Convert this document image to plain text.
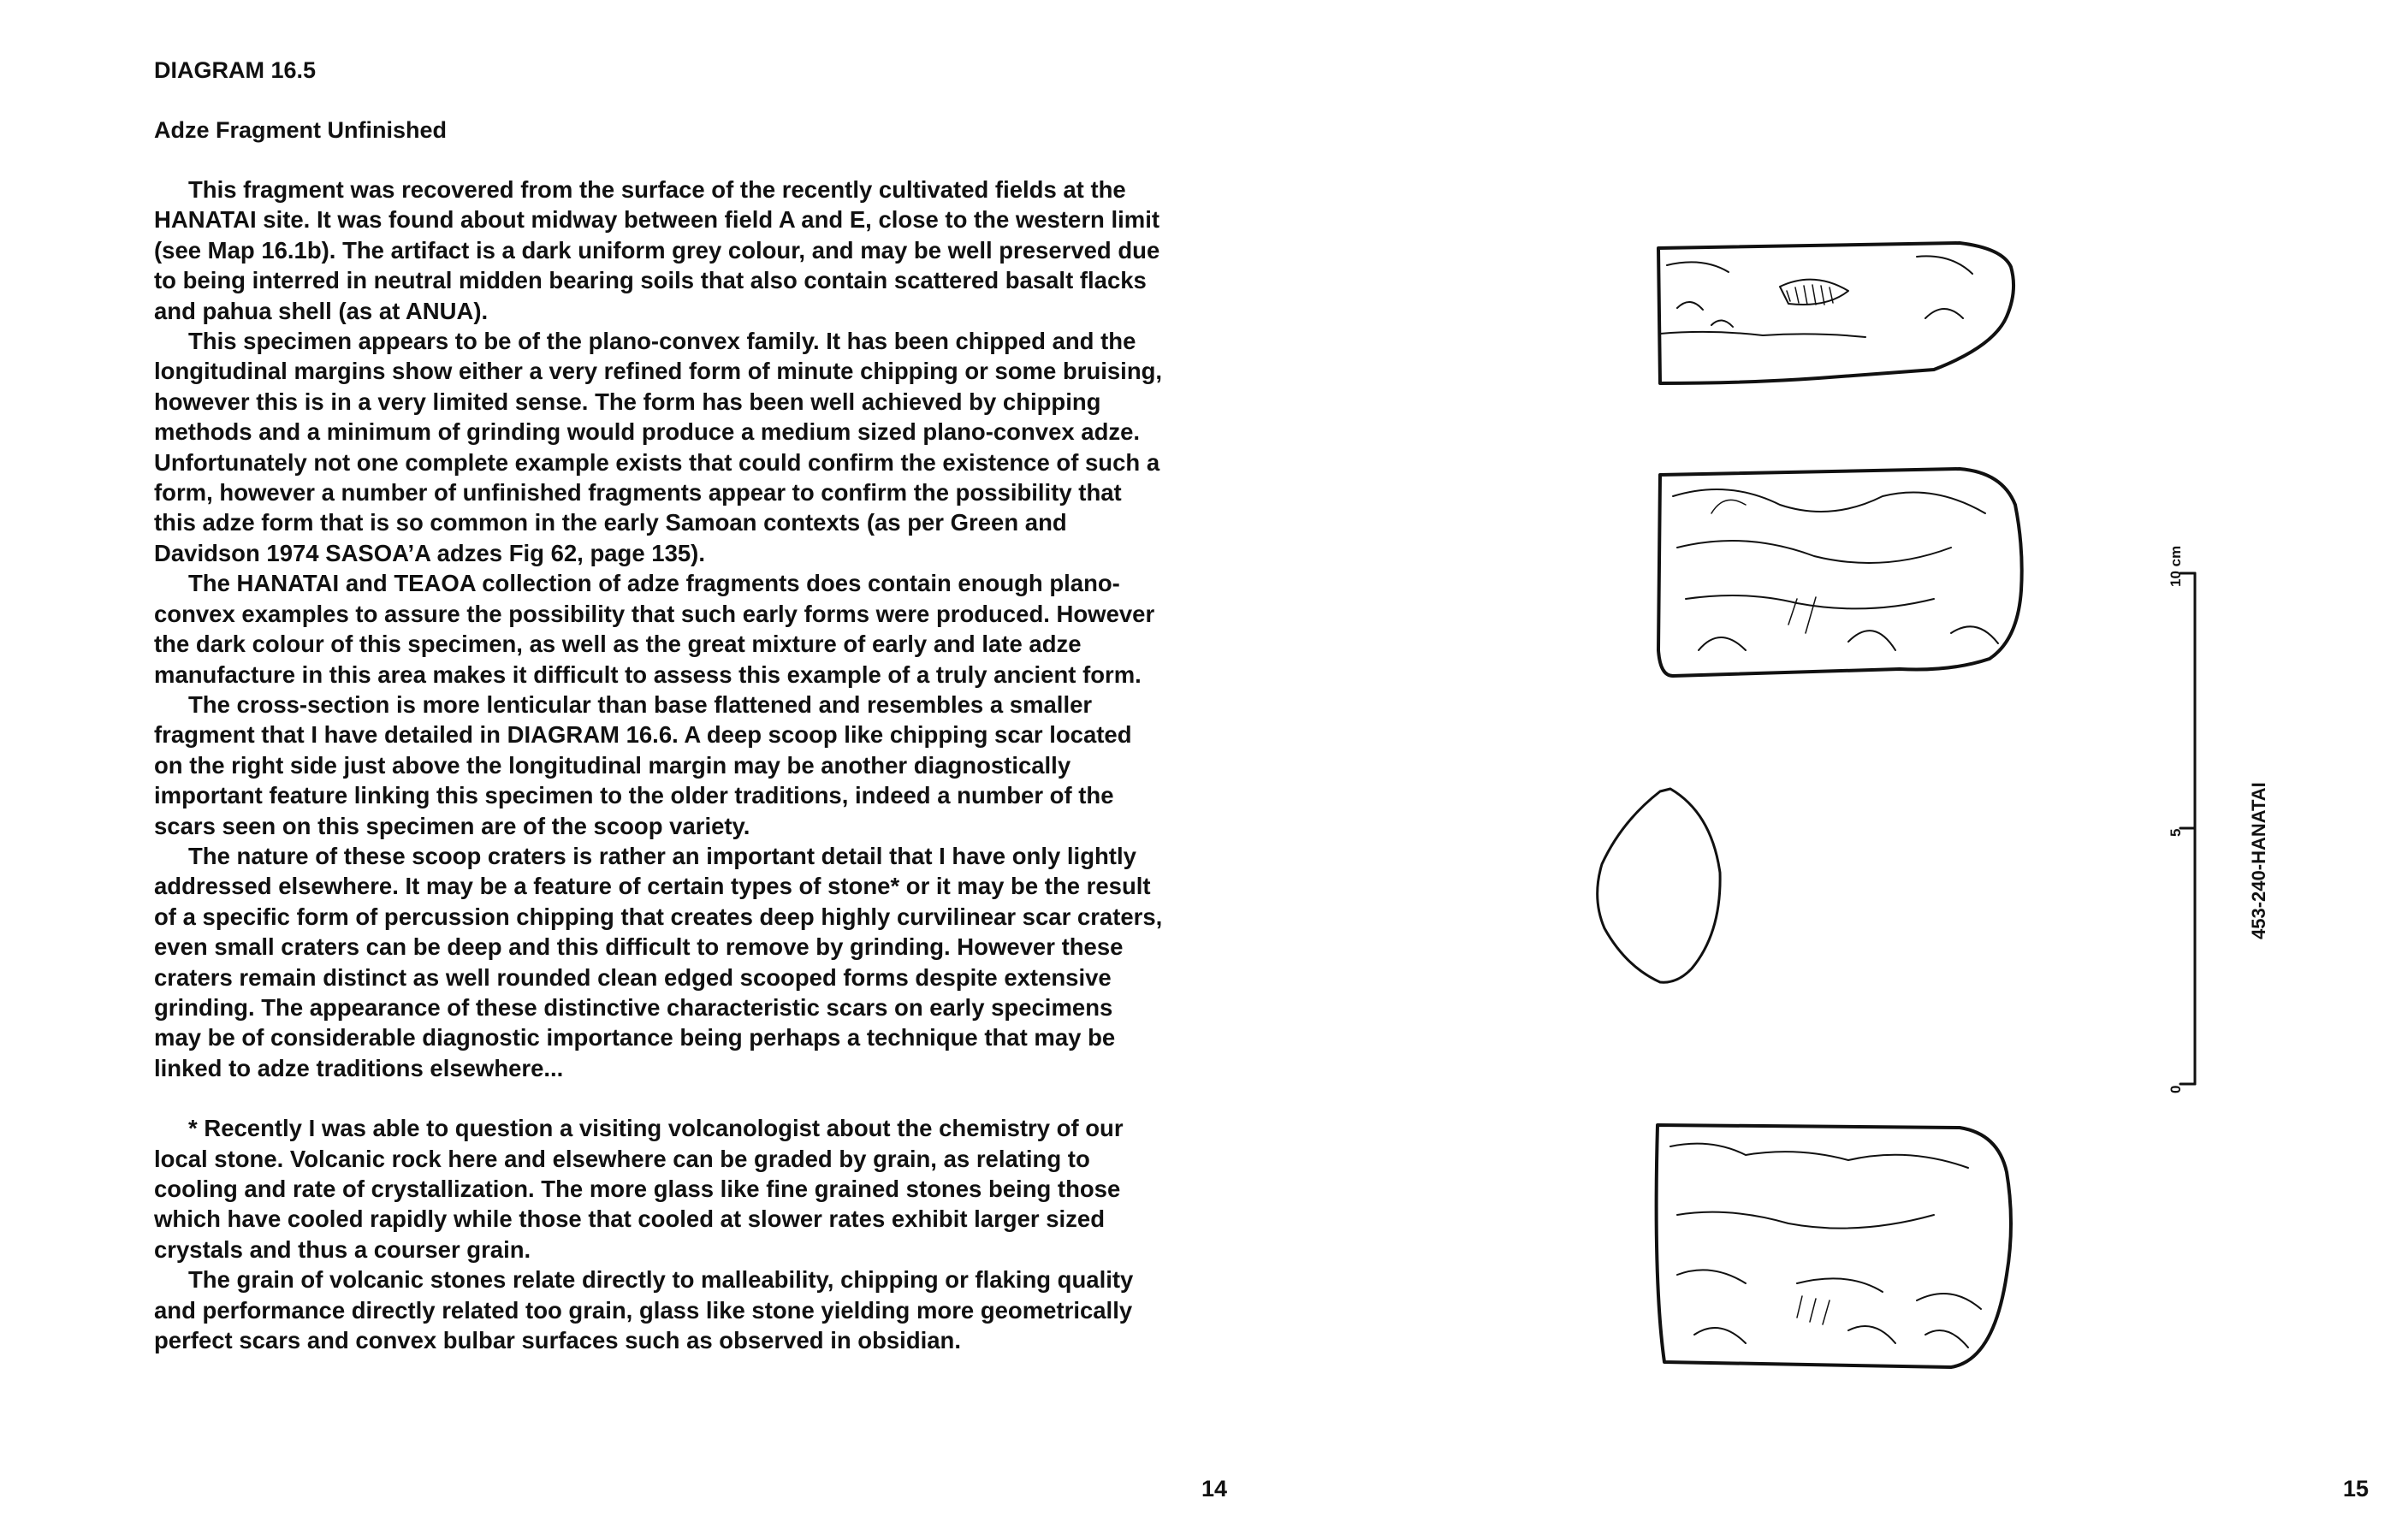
DIAGRAM 16.5
Adze Fragment Unfinished

This fragment was recovered from the surface of the recently cultivated fields at the HANATAI site. It was found about midway between field A and E, close to the western limit (see Map 16.1b). The artifact is a dark uniform grey colour, and may be well preserved due to being interred in neutral midden bearing soils that also contain scattered basalt flacks and pahua shell (as at ANUA).

This specimen appears to be of the plano-convex family. It has been chipped and the longitudinal margins show either a very refined form of minute chipping or some bruising, however this is in a very limited sense. The form has been well achieved by chipping methods and a minimum of grinding would produce a medium sized plano-convex adze. Unfortunately not one complete example exists that could confirm the existence of such a form, however a number of unfinished fragments appear to confirm the possibility that this adze form that is so common in the early Samoan contexts (as per Green and Davidson 1974 SASOA’A adzes Fig 62, page 135).

The HANATAI and TEAOA collection of adze fragments does contain enough plano-convex examples to assure the possibility that such early forms were produced. However the dark colour of this specimen, as well as the great mixture of early and late adze manufacture in this area makes it difficult to assess this example of a truly ancient form.

The cross-section is more lenticular than base flattened and resembles a smaller fragment that I have detailed in DIAGRAM 16.6. A deep scoop like chipping scar located on the right side just above the longitudinal margin may be another diagnostically important feature linking this specimen to the older traditions, indeed a number of the scars seen on this specimen are of the scoop variety.

The nature of these scoop craters is rather an important detail that I have only lightly addressed elsewhere. It may be a feature of certain types of stone* or it may be the result of a specific form of percussion chipping that creates deep highly curvilinear scar craters, even small craters can be deep and this difficult to remove by grinding. However these craters remain distinct as well rounded clean edged scooped forms despite extensive grinding. The appearance of these distinctive characteristic scars on early specimens may be of considerable diagnostic importance being perhaps a technique that may be linked to adze traditions elsewhere...

* Recently I was able to question a visiting volcanologist about the chemistry of our local stone. Volcanic rock here and elsewhere can be graded by grain, as relating to cooling and rate of crystallization. The more glass like fine grained stones being those which have cooled rapidly while those that cooled at slower rates exhibit larger sized crystals and thus a courser grain.

The grain of volcanic stones relate directly to malleability, chipping or flaking quality and performance directly related too grain, glass like stone yielding more geometrically perfect scars and convex bulbar surfaces such as observed in obsidian.

14
10 cm
5
0
453-240-HANATAI
15
